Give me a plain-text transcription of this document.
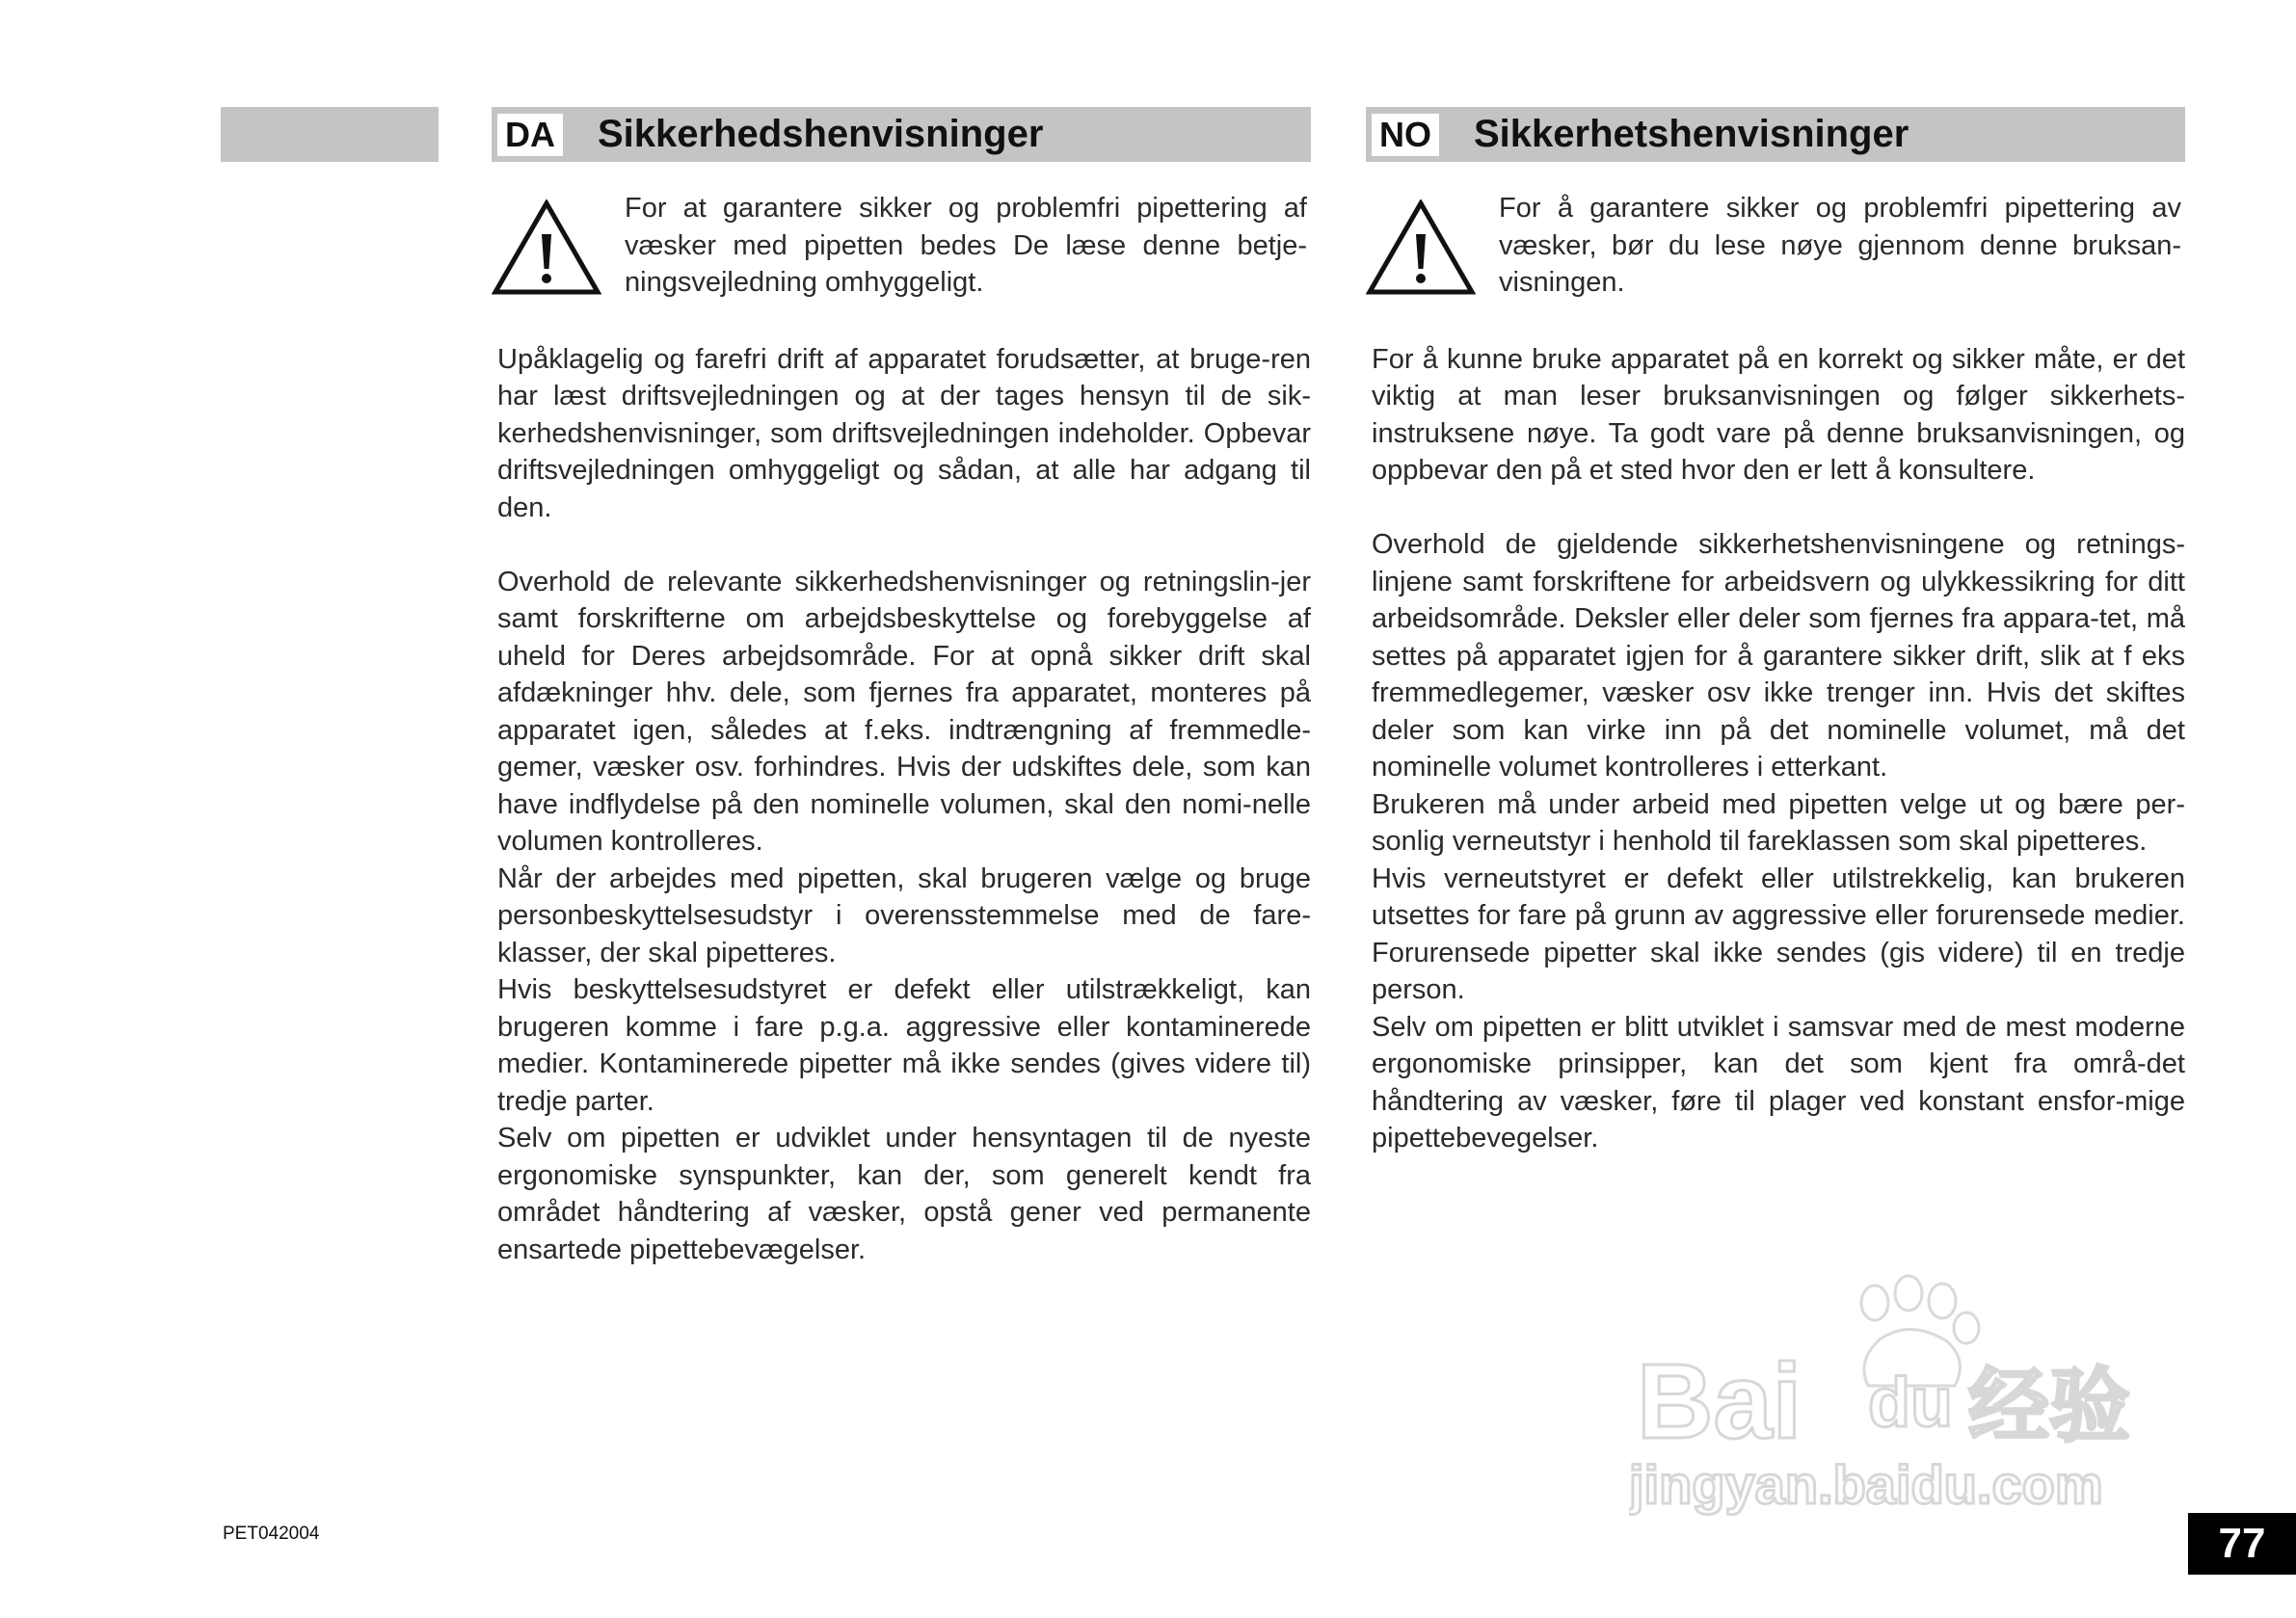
DA Sikkerhedshenvisninger
For at garantere sikker og problemfri pipettering af væsker med pipetten bedes De læse denne betje-ningsvejledning omhyggeligt.

Upåklagelig og farefri drift af apparatet forudsætter, at bruge-ren har læst driftsvejledningen og at der tages hensyn til de sik-kerhedshenvisninger, som driftsvejledningen indeholder. Opbevar driftsvejledningen omhyggeligt og sådan, at alle har adgang til den.

Overhold de relevante sikkerhedshenvisninger og retningslin-jer samt forskrifterne om arbejdsbeskyttelse og forebyggelse af uheld for Deres arbejdsområde. For at opnå sikker drift skal afdækninger hhv. dele, som fjernes fra apparatet, monteres på apparatet igen, således at f.eks. indtrængning af fremmedle-gemer, væsker osv. forhindres. Hvis der udskiftes dele, som kan have indflydelse på den nominelle volumen, skal den nomi-nelle volumen kontrolleres.

Når der arbejdes med pipetten, skal brugeren vælge og bruge personbeskyttelsesudstyr i overensstemmelse med de fare-klasser, der skal pipetteres.

Hvis beskyttelsesudstyret er defekt eller utilstrækkeligt, kan brugeren komme i fare p.g.a. aggressive eller kontaminerede medier. Kontaminerede pipetter må ikke sendes (gives videre til) tredje parter.

Selv om pipetten er udviklet under hensyntagen til de nyeste ergonomiske synspunkter, kan der, som generelt kendt fra området håndtering af væsker, opstå gener ved permanente ensartede pipettebevægelser.

NO Sikkerhetshenvisninger
For å garantere sikker og problemfri pipettering av væsker, bør du lese nøye gjennom denne bruksan-visningen.

For å kunne bruke apparatet på en korrekt og sikker måte, er det viktig at man leser bruksanvisningen og følger sikkerhets-instruksene nøye. Ta godt vare på denne bruksanvisningen, og oppbevar den på et sted hvor den er lett å konsultere.

Overhold de gjeldende sikkerhetshenvisningene og retnings-linjene samt forskriftene for arbeidsvern og ulykkessikring for ditt arbeidsområde. Deksler eller deler som fjernes fra appara-tet, må settes på apparatet igjen for å garantere sikker drift, slik at f eks fremmedlegemer, væsker osv ikke trenger inn. Hvis det skiftes deler som kan virke inn på det nominelle volumet, må det nominelle volumet kontrolleres i etterkant.

Brukeren må under arbeid med pipetten velge ut og bære per-sonlig verneutstyr i henhold til fareklassen som skal pipetteres.

Hvis verneutstyret er defekt eller utilstrekkelig, kan brukeren utsettes for fare på grunn av aggressive eller forurensede medier. Forurensede pipetter skal ikke sendes (gis videre) til en tredje person.

Selv om pipetten er blitt utviklet i samsvar med de mest moderne ergonomiske prinsipper, kan det som kjent fra områ-det håndtering av væsker, føre til plager ved konstant ensfor-mige pipettebevegelser.

Bai du 经验
jingyan.baidu.com
PET042004	77
